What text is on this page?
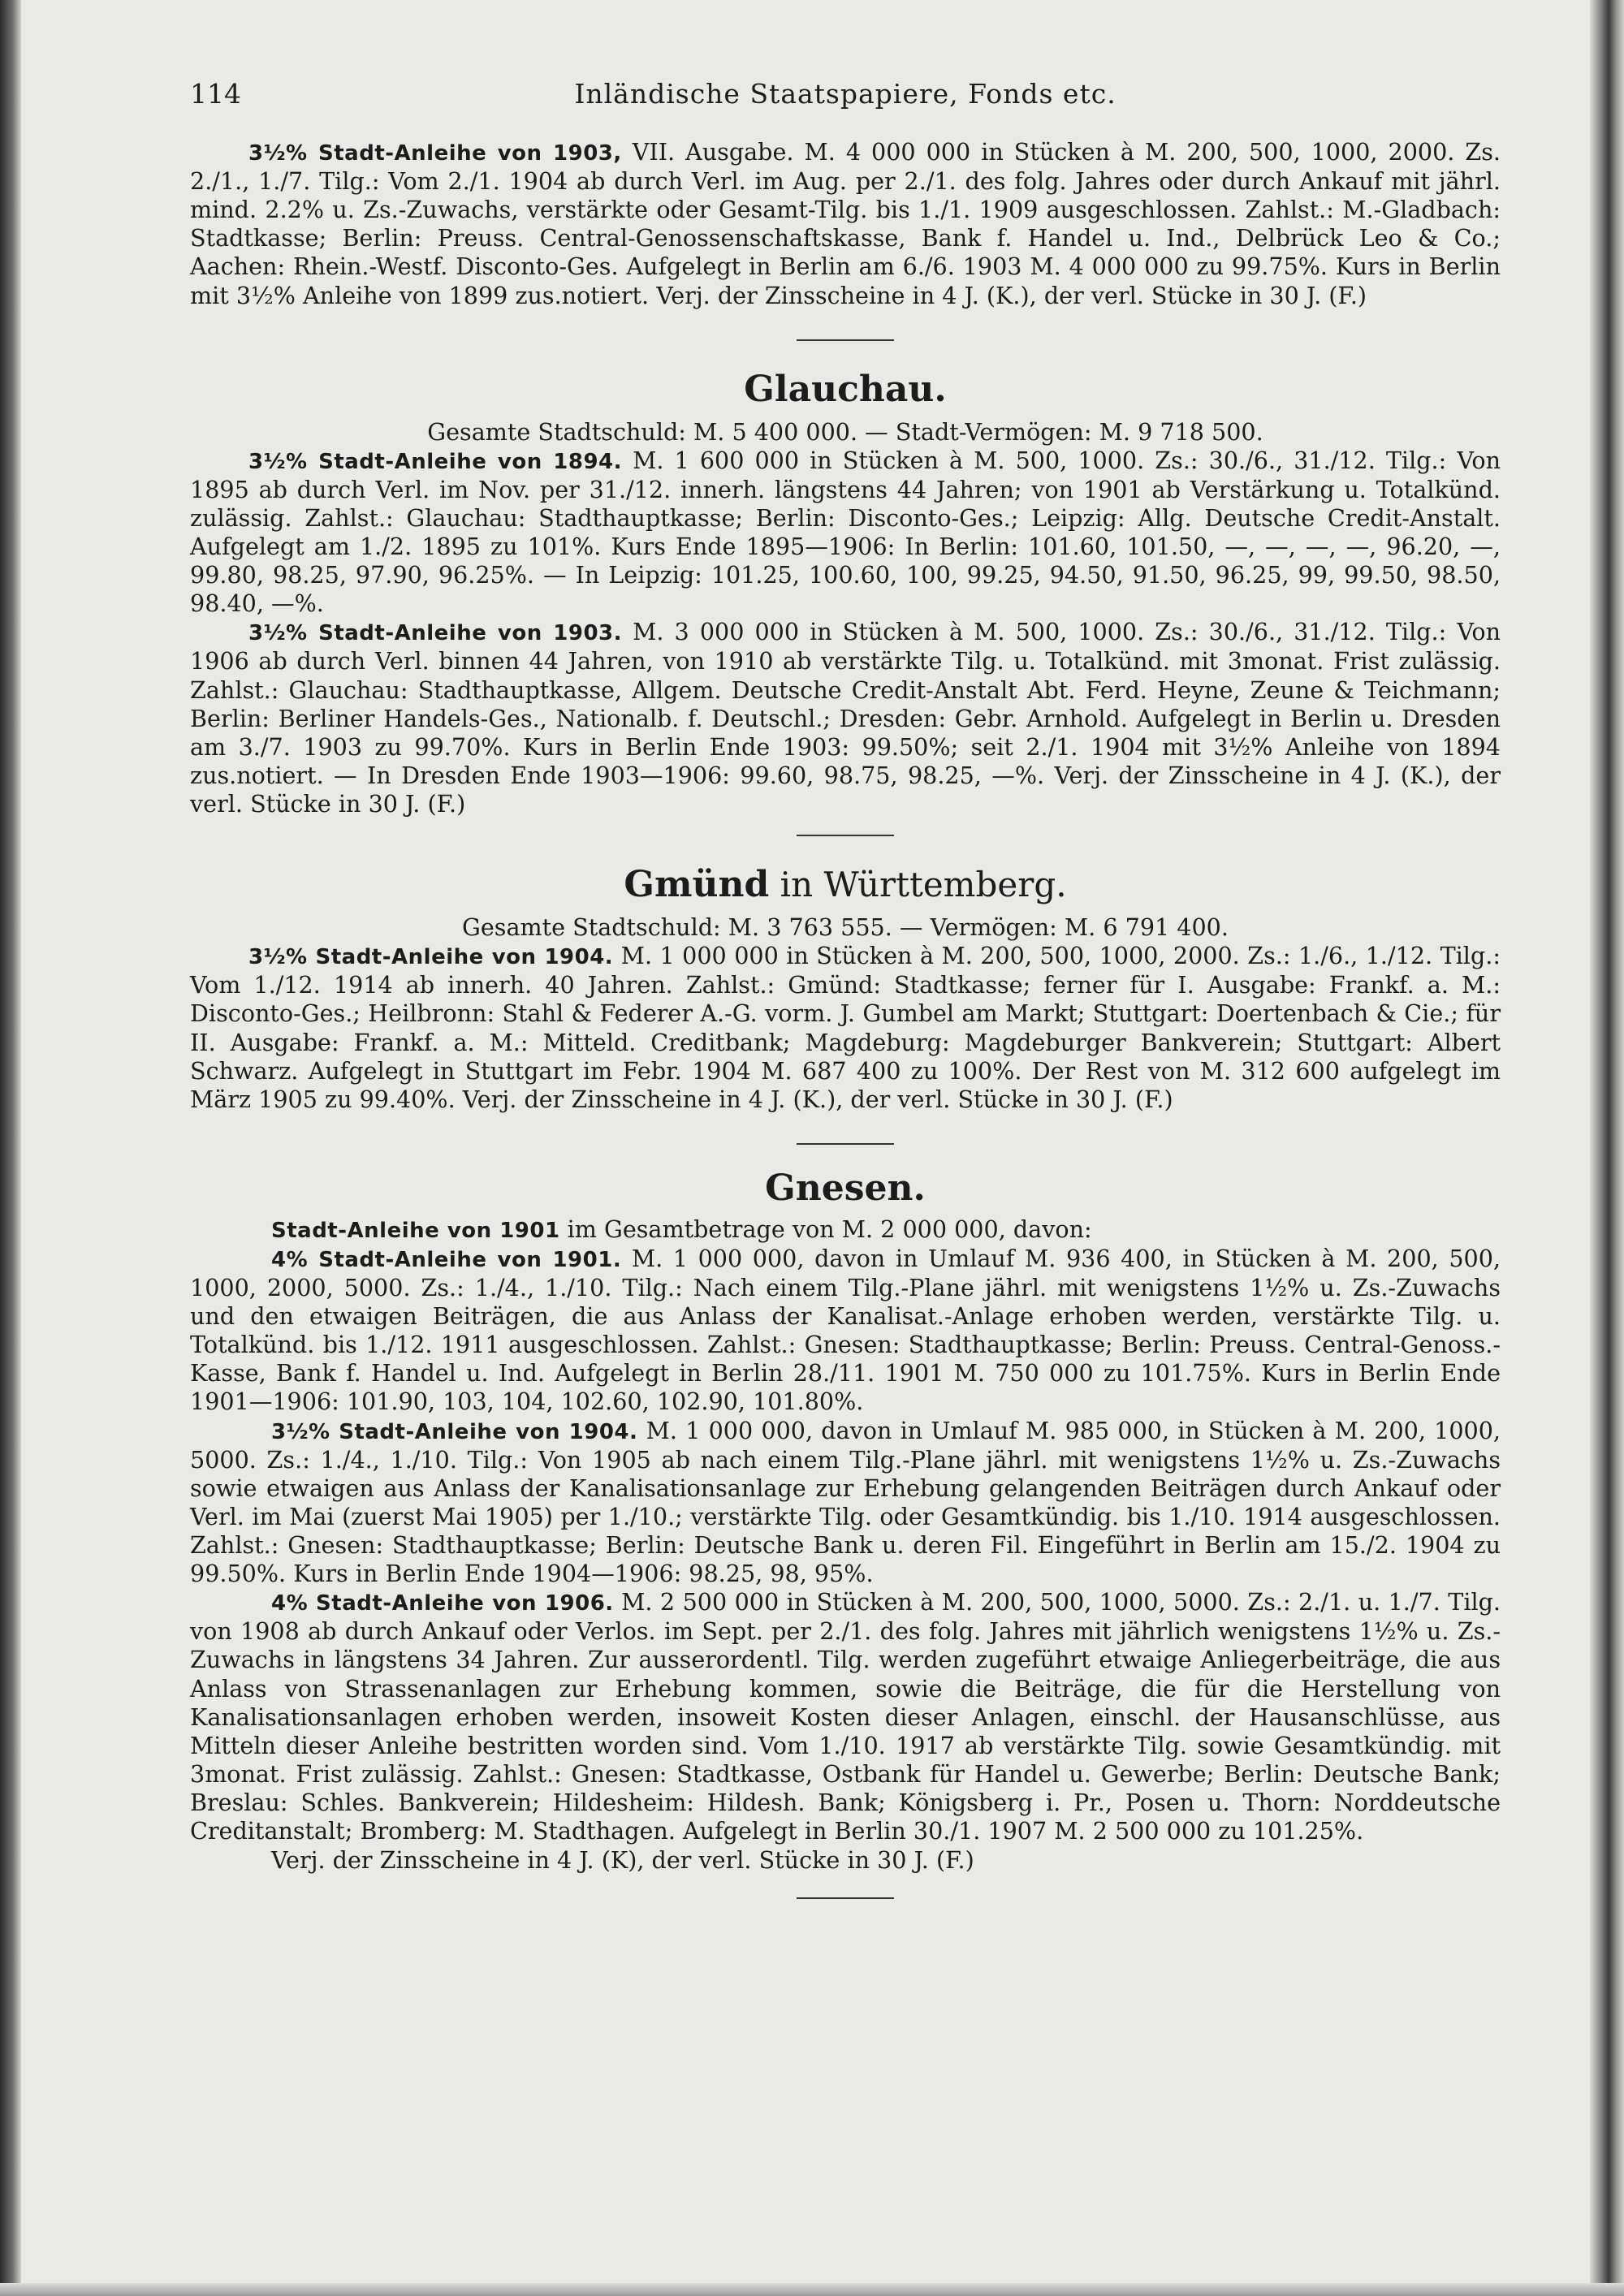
114	Inländische Staatspapiere, Fonds etc.

3½% Stadt-Anleihe von 1903, VII. Ausgabe. M. 4 000 000 in Stücken à M. 200, 500, 1000, 2000. Zs. 2./1., 1./7. Tilg.: Vom 2./1. 1904 ab durch Verl. im Aug. per 2./1. des folg. Jahres oder durch Ankauf mit jährl. mind. 2.2% u. Zs.-Zuwachs, verstärkte oder Gesamt-Tilg. bis 1./1. 1909 ausgeschlossen. Zahlst.: M.-Gladbach: Stadtkasse; Berlin: Preuss. Central-Genossenschaftskasse, Bank f. Handel u. Ind., Delbrück Leo & Co.; Aachen: Rhein.-Westf. Disconto-Ges. Aufgelegt in Berlin am 6./6. 1903 M. 4 000 000 zu 99.75%. Kurs in Berlin mit 3½% Anleihe von 1899 zus.notiert. Verj. der Zinsscheine in 4 J. (K.), der verl. Stücke in 30 J. (F.)

Glauchau.
Gesamte Stadtschuld: M. 5 400 000. — Stadt-Vermögen: M. 9 718 500.

3½% Stadt-Anleihe von 1894. M. 1 600 000 in Stücken à M. 500, 1000. Zs.: 30./6., 31./12. Tilg.: Von 1895 ab durch Verl. im Nov. per 31./12. innerh. längstens 44 Jahren; von 1901 ab Verstärkung u. Totalkünd. zulässig. Zahlst.: Glauchau: Stadthauptkasse; Berlin: Disconto-Ges.; Leipzig: Allg. Deutsche Credit-Anstalt. Aufgelegt am 1./2. 1895 zu 101%. Kurs Ende 1895—1906: In Berlin: 101.60, 101.50, —, —, —, —, 96.20, —, 99.80, 98.25, 97.90, 96.25%. — In Leipzig: 101.25, 100.60, 100, 99.25, 94.50, 91.50, 96.25, 99, 99.50, 98.50, 98.40, —%.

3½% Stadt-Anleihe von 1903. M. 3 000 000 in Stücken à M. 500, 1000. Zs.: 30./6., 31./12. Tilg.: Von 1906 ab durch Verl. binnen 44 Jahren, von 1910 ab verstärkte Tilg. u. Totalkünd. mit 3monat. Frist zulässig. Zahlst.: Glauchau: Stadthauptkasse, Allgem. Deutsche Credit-Anstalt Abt. Ferd. Heyne, Zeune & Teichmann; Berlin: Berliner Handels-Ges., Nationalb. f. Deutschl.; Dresden: Gebr. Arnhold. Aufgelegt in Berlin u. Dresden am 3./7. 1903 zu 99.70%. Kurs in Berlin Ende 1903: 99.50%; seit 2./1. 1904 mit 3½% Anleihe von 1894 zus.notiert. — In Dresden Ende 1903—1906: 99.60, 98.75, 98.25, —%. Verj. der Zinsscheine in 4 J. (K.), der verl. Stücke in 30 J. (F.)

Gmünd in Württemberg.
Gesamte Stadtschuld: M. 3 763 555. — Vermögen: M. 6 791 400.

3½% Stadt-Anleihe von 1904. M. 1 000 000 in Stücken à M. 200, 500, 1000, 2000. Zs.: 1./6., 1./12. Tilg.: Vom 1./12. 1914 ab innerh. 40 Jahren. Zahlst.: Gmünd: Stadtkasse; ferner für I. Ausgabe: Frankf. a. M.: Disconto-Ges.; Heilbronn: Stahl & Federer A.-G. vorm. J. Gumbel am Markt; Stuttgart: Doertenbach & Cie.; für II. Ausgabe: Frankf. a. M.: Mitteld. Creditbank; Magdeburg: Magdeburger Bankverein; Stuttgart: Albert Schwarz. Aufgelegt in Stuttgart im Febr. 1904 M. 687 400 zu 100%. Der Rest von M. 312 600 aufgelegt im März 1905 zu 99.40%. Verj. der Zinsscheine in 4 J. (K.), der verl. Stücke in 30 J. (F.)

Gnesen.

Stadt-Anleihe von 1901 im Gesamtbetrage von M. 2 000 000, davon:

4% Stadt-Anleihe von 1901. M. 1 000 000, davon in Umlauf M. 936 400, in Stücken à M. 200, 500, 1000, 2000, 5000. Zs.: 1./4., 1./10. Tilg.: Nach einem Tilg.-Plane jährl. mit wenigstens 1½% u. Zs.-Zuwachs und den etwaigen Beiträgen, die aus Anlass der Kanalisat.-Anlage erhoben werden, verstärkte Tilg. u. Totalkünd. bis 1./12. 1911 ausgeschlossen. Zahlst.: Gnesen: Stadthauptkasse; Berlin: Preuss. Central-Genoss.-Kasse, Bank f. Handel u. Ind. Aufgelegt in Berlin 28./11. 1901 M. 750 000 zu 101.75%. Kurs in Berlin Ende 1901—1906: 101.90, 103, 104, 102.60, 102.90, 101.80%.

3½% Stadt-Anleihe von 1904. M. 1 000 000, davon in Umlauf M. 985 000, in Stücken à M. 200, 1000, 5000. Zs.: 1./4., 1./10. Tilg.: Von 1905 ab nach einem Tilg.-Plane jährl. mit wenigstens 1½% u. Zs.-Zuwachs sowie etwaigen aus Anlass der Kanalisationsanlage zur Erhebung gelangenden Beiträgen durch Ankauf oder Verl. im Mai (zuerst Mai 1905) per 1./10.; verstärkte Tilg. oder Gesamtkündig. bis 1./10. 1914 ausgeschlossen. Zahlst.: Gnesen: Stadthauptkasse; Berlin: Deutsche Bank u. deren Fil. Eingeführt in Berlin am 15./2. 1904 zu 99.50%. Kurs in Berlin Ende 1904—1906: 98.25, 98, 95%.

4% Stadt-Anleihe von 1906. M. 2 500 000 in Stücken à M. 200, 500, 1000, 5000. Zs.: 2./1. u. 1./7. Tilg. von 1908 ab durch Ankauf oder Verlos. im Sept. per 2./1. des folg. Jahres mit jährlich wenigstens 1½% u. Zs.-Zuwachs in längstens 34 Jahren. Zur ausserordentl. Tilg. werden zugeführt etwaige Anliegerbeiträge, die aus Anlass von Strassenanlagen zur Erhebung kommen, sowie die Beiträge, die für die Herstellung von Kanalisationsanlagen erhoben werden, insoweit Kosten dieser Anlagen, einschl. der Hausanschlüsse, aus Mitteln dieser Anleihe bestritten worden sind. Vom 1./10. 1917 ab verstärkte Tilg. sowie Gesamtkündig. mit 3monat. Frist zulässig. Zahlst.: Gnesen: Stadtkasse, Ostbank für Handel u. Gewerbe; Berlin: Deutsche Bank; Breslau: Schles. Bankverein; Hildesheim: Hildesh. Bank; Königsberg i. Pr., Posen u. Thorn: Norddeutsche Creditanstalt; Bromberg: M. Stadthagen. Aufgelegt in Berlin 30./1. 1907 M. 2 500 000 zu 101.25%.

Verj. der Zinsscheine in 4 J. (K), der verl. Stücke in 30 J. (F.)
